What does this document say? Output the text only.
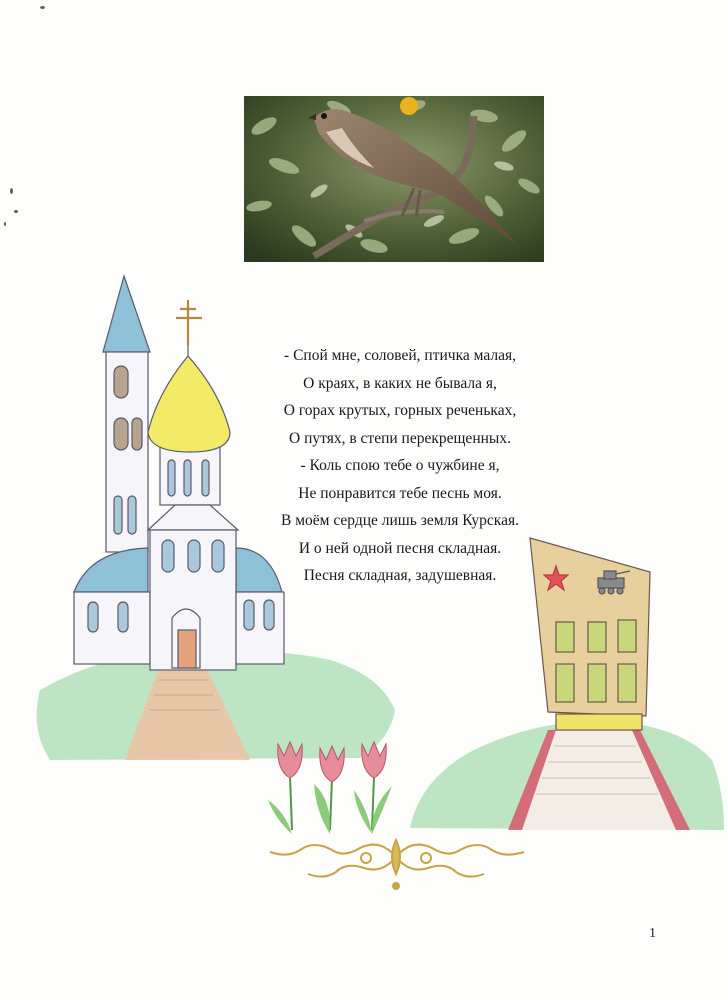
- Спой мне, соловей, птичка малая,
О краях, в каких не бывала я,
О горах крутых, горных реченьках,
О путях, в степи перекрещенных.
- Коль спою тебе о чужбине я,
Не понравится тебе песнь моя.
В моём сердце лишь земля Курская.
И о ней одной песня складная.
Песня складная, задушевная.
1
